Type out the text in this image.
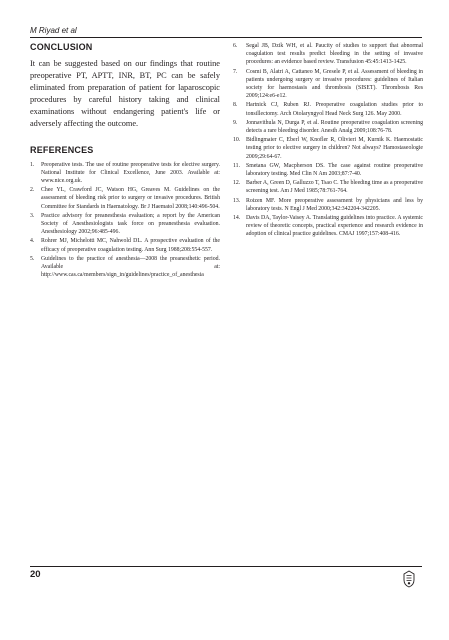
M Riyad et al
CONCLUSION

It can be suggested based on our findings that routine preoperative PT, APTT, INR, BT, PC can be safely eliminated from preparation of patient for laparoscopic procedures by careful history taking and clinical examinations without endangering patient's life or adversely affecting the outcome.

REFERENCES
1. Preoperative tests. The use of routine preoperative tests for elective surgery. National Institute for Clinical Excellence, June 2003. Available at: www.nice.org.uk.
2. Chee YL, Crawford JC, Watson HG, Greaves M. Guidelines on the assessment of bleeding risk prior to surgery or invasive procedures. British Committee for Standards in Haematology. Br J Haematol 2008;140:496-504.
3. Practice advisory for preanesthesia evaluation; a report by the American Society of Anesthesiologists task force on preanesthesia evaluation. Anesthesiology 2002;96:485-496.
4. Rohrer MJ, Michelotti MC, Nahwold DL. A prospective evaluation of the efficacy of preoperative coagulation testing. Ann Surg 1988;208:554-557.
5. Guidelines to the practice of anesthesia—2008 the preanesthetic period. Available at: http://www.cas.ca/members/sign_in/guidelines/practice_of_anesthesia
6. Segal JB, Dzik WH, et al. Paucity of studies to support that abnormal coagulation test results predict bleeding in the setting of invasive procedures: an evidence based review. Transfusion 45:45:1413-1425.
7. Cosmi B, Alatri A, Cattaneo M, Gresele P, et al. Assessment of bleeding in patients undergoing surgery or invasive procedures: guidelines of Italian society for haemostasis and thrombosis (SISET). Thrombosis Res 2009;124:e6-e12.
8. Hartnick CJ, Ruben RJ. Preoperative coagulation studies prior to tonsillectomy. Arch Otolaryngyol Head Neck Surg 126. May 2000.
9. Jonnavithula N, Durga P, et al. Routine preoperative coagulation screening detects a rare bleeding disorder. Anesth Analg 2009;108:76-78.
10. Bidlingmaier C, Eberl W, Knofler R, Olivieri M, Kurnik K. Haemostatic testing prior to elective surgery in children? Not always? Hamostaseologie 2009;29:64-67.
11. Smetana GW, Macpherson DS. The case against routine preoperative laboratory testing. Med Clin N Am 2003;87:7-40.
12. Barber A, Green D, Galluzzo T, Tsao C. The bleeding time as a preoperative screening test. Am J Med 1985;78:761-764.
13. Roizen MF. More preoperative assessment by physicians and less by laboratory tests. N Engl J Med 2000;342:342204-342205.
14. Davis DA, Taylor-Vaisey A. Translating guidelines into practice. A systemic review of theoretic concepts, practical experience and research evidence in adoption of clinical practice guidelines. CMAJ 1997;157:408-416.
20
